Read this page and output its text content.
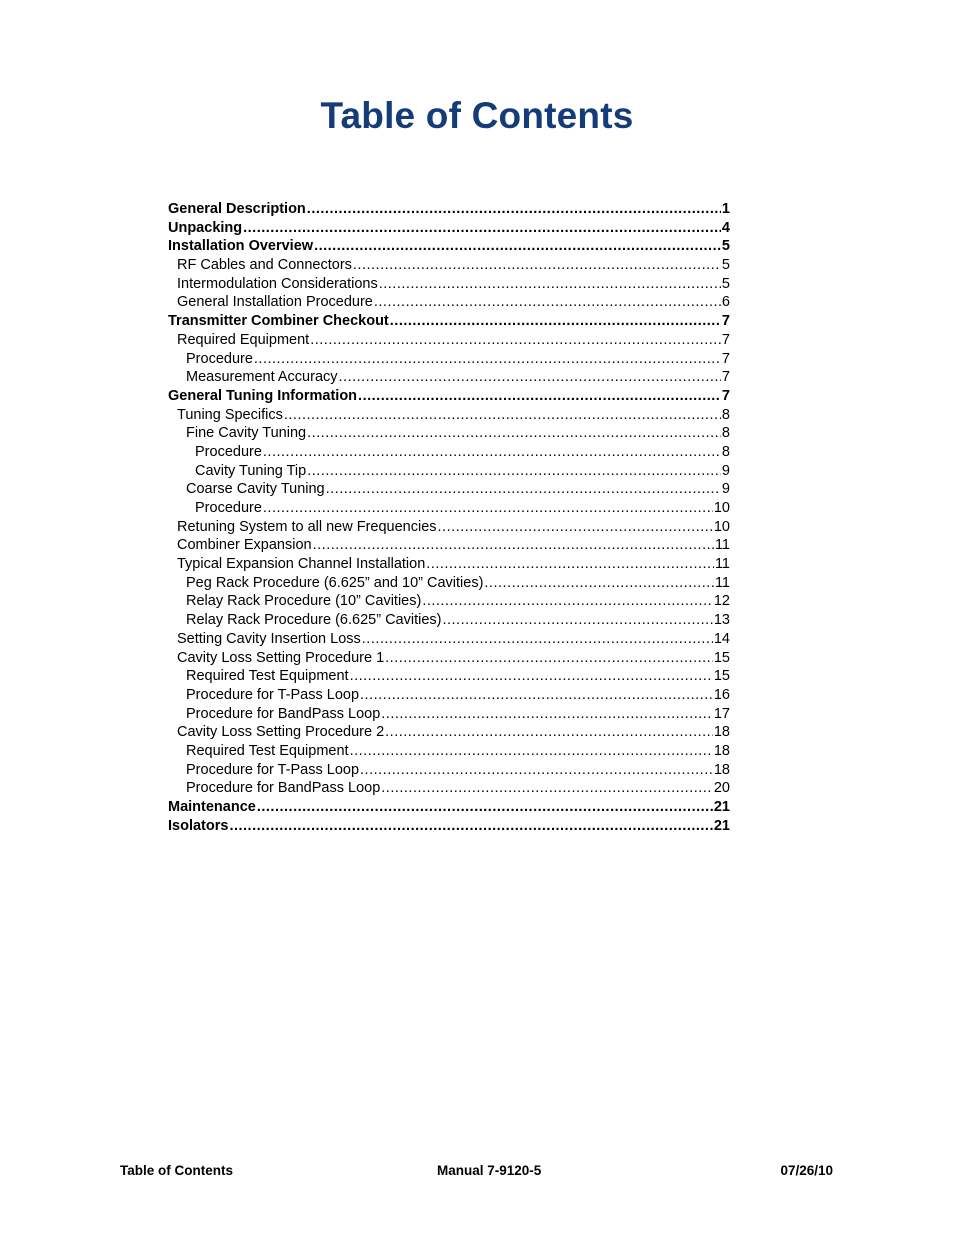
Table of Contents
General Description .....	1
Unpacking .....	4
Installation Overview .....	5
RF Cables and Connectors .....	5
Intermodulation Considerations .....	5
General Installation Procedure .....	6
Transmitter Combiner Checkout .....	7
Required Equipment .....	7
Procedure .....	7
Measurement Accuracy .....	7
General Tuning Information .....	7
Tuning Specifics .....	8
Fine Cavity Tuning .....	8
Procedure .....	8
Cavity Tuning Tip .....	9
Coarse Cavity Tuning .....	9
Procedure .....	10
Retuning System to all new Frequencies .....	10
Combiner Expansion .....	11
Typical Expansion Channel Installation .....	11
Peg Rack Procedure (6.625” and 10” Cavities) .....	11
Relay Rack Procedure (10” Cavities) .....	12
Relay Rack Procedure (6.625” Cavities) .....	13
Setting Cavity Insertion Loss .....	14
Cavity Loss Setting Procedure 1 .....	15
Required Test Equipment .....	15
Procedure for T-Pass Loop .....	16
Procedure for BandPass Loop .....	17
Cavity Loss Setting Procedure 2 .....	18
Required Test Equipment .....	18
Procedure for T-Pass Loop .....	18
Procedure for BandPass Loop .....	20
Maintenance .....	21
Isolators .....	21
Table of Contents	Manual 7-9120-5	07/26/10
